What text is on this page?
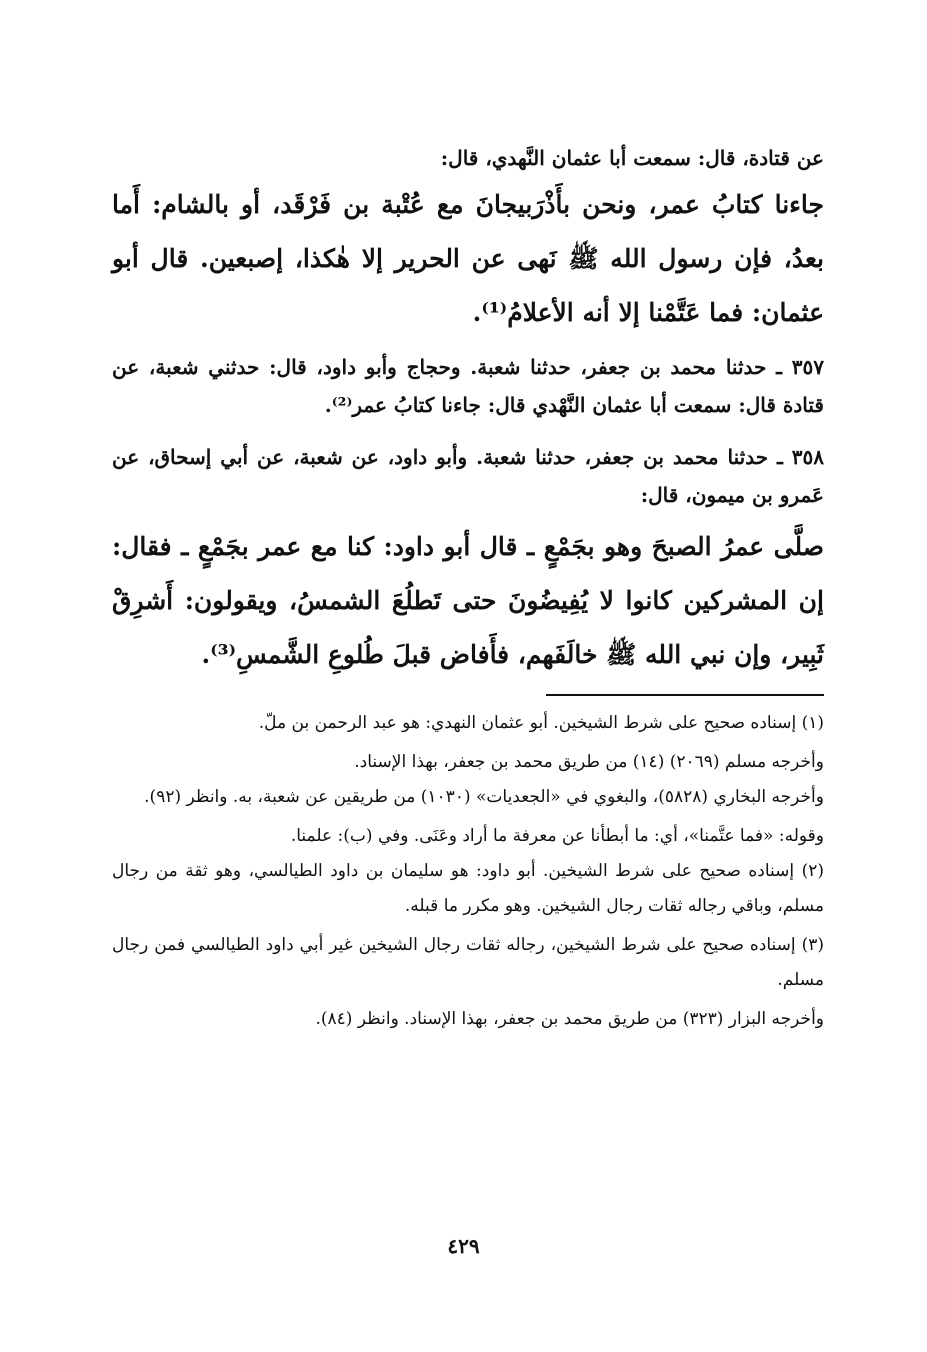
عن قتادة، قال: سمعت أبا عثمان النَّهدي، قال:

جاءنا كتابُ عمر، ونحن بأَذْرَبيجانَ مع عُتْبة بن فَرْقَد، أو بالشام: أَما بعدُ، فإن رسول الله ﷺ نَهى عن الحرير إلا هٰكذا، إصبعين. قال أبو عثمان: فما عَتَّمْنا إلا أنه الأعلامُ⁽¹⁾.

٣٥٧ ـ حدثنا محمد بن جعفر، حدثنا شعبة. وحجاج وأبو داود، قال: حدثني شعبة، عن قتادة قال: سمعت أبا عثمان النَّهْدي قال: جاءنا كتابُ عمر⁽²⁾.

٣٥٨ ـ حدثنا محمد بن جعفر، حدثنا شعبة. وأبو داود، عن شعبة، عن أبي إسحاق، عن عَمرو بن ميمون، قال:

صلَّى عمرُ الصبحَ وهو بجَمْعٍ ـ قال أبو داود: كنا مع عمر بجَمْعٍ ـ فقال: إن المشركين كانوا لا يُفِيضُونَ حتى تَطلُعَ الشمسُ، ويقولون: أَشرِقْ ثَبِير، وإن نبي الله ﷺ خالَفَهم، فأَفاض قبلَ طُلوعِ الشَّمسِ⁽³⁾.

(١) إسناده صحيح على شرط الشيخين. أبو عثمان النهدي: هو عبد الرحمن بن ملّ.

وأخرجه مسلم (٢٠٦٩) (١٤) من طريق محمد بن جعفر، بهذا الإسناد.

وأخرجه البخاري (٥٨٢٨)، والبغوي في «الجعديات» (١٠٣٠) من طريقين عن شعبة، به. وانظر (٩٢).

وقوله: «فما عتَّمنا»، أي: ما أبطأنا عن معرفة ما أراد وعَنَى. وفي (ب): علمنا.

(٢) إسناده صحيح على شرط الشيخين. أبو داود: هو سليمان بن داود الطيالسي، وهو ثقة من رجال مسلم، وباقي رجاله ثقات رجال الشيخين. وهو مكرر ما قبله.

(٣) إسناده صحيح على شرط الشيخين، رجاله ثقات رجال الشيخين غير أبي داود الطيالسي فمن رجال مسلم.

وأخرجه البزار (٣٢٣) من طريق محمد بن جعفر، بهذا الإسناد. وانظر (٨٤).

٤٢٩
